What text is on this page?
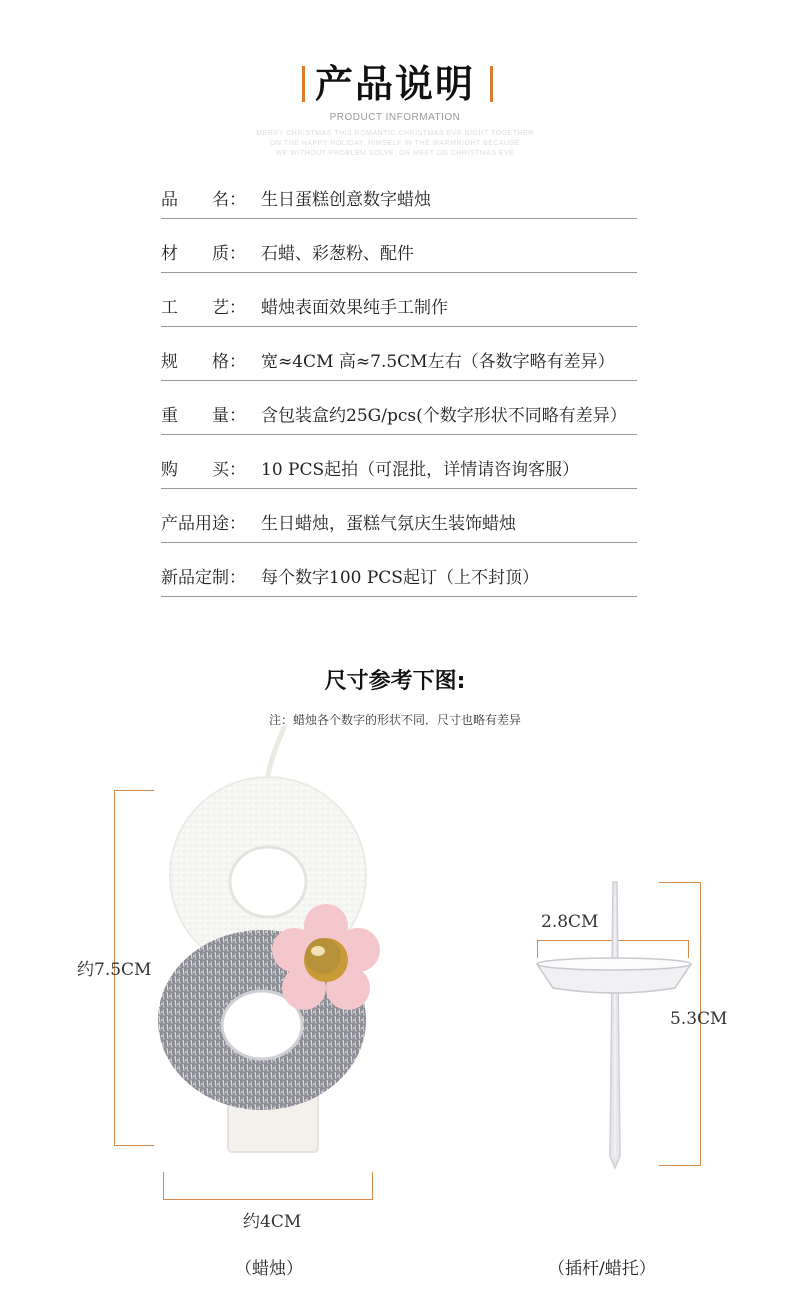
产品说明
PRODUCT INFORMATION
MERRY CHRISTMAS THIS ROMANTIC CHRISTMAS EVE NIGHT TOGETHER
ON THE HAPPY HOLIDAY, HIMSELF IN THE WARMNIGHT BECAUSE
WE WITHOUT PROBLEM SOLVE, OR MEET ON CHRISTMAS EVE
品　　名： 生日蛋糕创意数字蜡烛
材　　质： 石蜡、彩葱粉、配件
工　　艺： 蜡烛表面效果纯手工制作
规　　格： 宽≈4CM 高≈7.5CM左右（各数字略有差异）
重　　量： 含包装盒约25G/pcs(个数字形状不同略有差异）
购　　买： 10 PCS起拍（可混批，详情请咨询客服）
产品用途： 生日蜡烛，蛋糕气氛庆生装饰蜡烛
新品定制： 每个数字100 PCS起订（上不封顶）
尺寸参考下图:
注：蜡烛各个数字的形状不同．尺寸也略有差异
约7.5CM
约4CM
2.8CM
5.3CM
（蜡烛）	（插杆/蜡托）
